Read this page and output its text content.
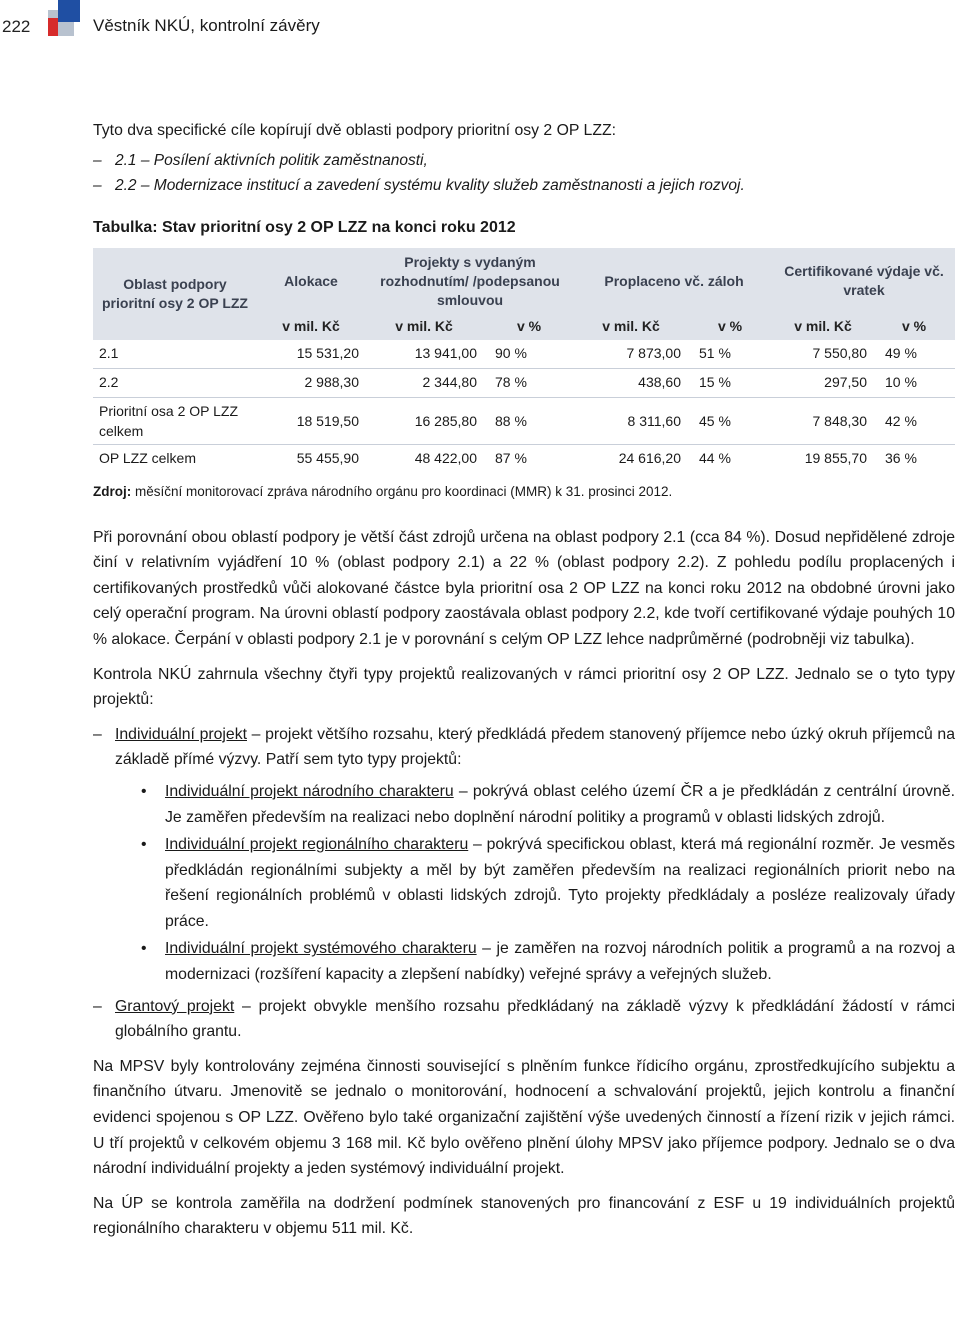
222	Věstník NKÚ, kontrolní závěry

Tyto dva specifické cíle kopírují dvě oblasti podpory prioritní osy 2 OP LZZ:

– 2.1 – Posílení aktivních politik zaměstnanosti,
– 2.2 – Modernizace institucí a zavedení systému kvality služeb zaměstnanosti a jejich rozvoj.
Tabulka: Stav prioritní osy 2 OP LZZ na konci roku 2012
Oblast podpory prioritní osy 2 OP LZZ	Alokace	Projekty s vydaným rozhodnutím/ /podepsanou smlouvou		Proplaceno vč. záloh		Certifikované výdaje vč. vratek	
	v mil. Kč	v mil. Kč	v %	v mil. Kč	v %	v mil. Kč	v %
2.1	15 531,20	13 941,00	90 %	7 873,00	51 %	7 550,80	49 %
2.2	2 988,30	2 344,80	78 %	438,60	15 %	297,50	10 %
Prioritní osa 2 OP LZZ celkem	18 519,50	16 285,80	88 %	8 311,60	45 %	7 848,30	42 %
OP LZZ celkem	55 455,90	48 422,00	87 %	24 616,20	44 %	19 855,70	36 %
Zdroj: měsíční monitorovací zpráva národního orgánu pro koordinaci (MMR) k 31. prosinci 2012.

Při porovnání obou oblastí podpory je větší část zdrojů určena na oblast podpory 2.1 (cca 84 %). Dosud nepřidělené zdroje činí v relativním vyjádření 10 % (oblast podpory 2.1) a 22 % (oblast podpory 2.2). Z pohledu podílu proplacených i certifikovaných prostředků vůči alokované částce byla prioritní osa 2 OP LZZ na konci roku 2012 na obdobné úrovni jako celý operační program. Na úrovni oblastí podpory zaostávala oblast podpory 2.2, kde tvoří certifikované výdaje pouhých 10 % alokace. Čerpání v oblasti podpory 2.1 je v porovnání s celým OP LZZ lehce nadprůměrné (podrobněji viz tabulka).

Kontrola NKÚ zahrnula všechny čtyři typy projektů realizovaných v rámci prioritní osy 2 OP LZZ. Jednalo se o tyto typy projektů:

– Individuální projekt – projekt většího rozsahu, který předkládá předem stanovený příjemce nebo úzký okruh příjemců na základě přímé výzvy. Patří sem tyto typy projektů:
• Individuální projekt národního charakteru – pokrývá oblast celého území ČR a je předkládán z centrální úrovně. Je zaměřen především na realizaci nebo doplnění národní politiky a programů v oblasti lidských zdrojů.
• Individuální projekt regionálního charakteru – pokrývá specifickou oblast, která má regionální rozměr. Je vesměs předkládán regionálními subjekty a měl by být zaměřen především na realizaci regionálních priorit nebo na řešení regionálních problémů v oblasti lidských zdrojů. Tyto projekty předkládaly a posléze realizovaly úřady práce.
• Individuální projekt systémového charakteru – je zaměřen na rozvoj národních politik a programů a na rozvoj a modernizaci (rozšíření kapacity a zlepšení nabídky) veřejné správy a veřejných služeb.
– Grantový projekt – projekt obvykle menšího rozsahu předkládaný na základě výzvy k předkládání žádostí v rámci globálního grantu.

Na MPSV byly kontrolovány zejména činnosti související s plněním funkce řídicího orgánu, zprostředkujícího subjektu a finančního útvaru. Jmenovitě se jednalo o monitorování, hodnocení a schvalování projektů, jejich kontrolu a finanční evidenci spojenou s OP LZZ. Ověřeno bylo také organizační zajištění výše uvedených činností a řízení rizik v jejich rámci. U tří projektů v celkovém objemu 3 168 mil. Kč bylo ověřeno plnění úlohy MPSV jako příjemce podpory. Jednalo se o dva národní individuální projekty a jeden systémový individuální projekt.

Na ÚP se kontrola zaměřila na dodržení podmínek stanovených pro financování z ESF u 19 individuálních projektů regionálního charakteru v objemu 511 mil. Kč.
